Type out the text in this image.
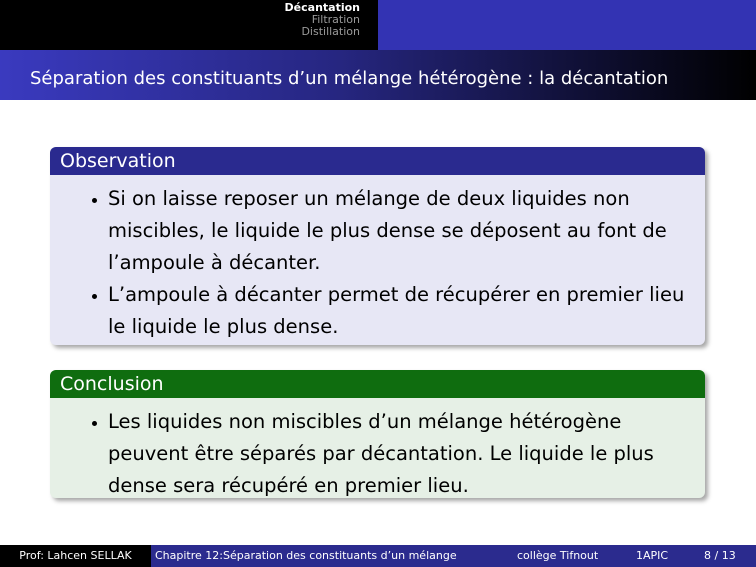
Décantation
Filtration
Distillation
Séparation des constituants d’un mélange hétérogène : la décantation
Observation
• Si on laisse reposer un mélange de deux liquides non miscibles, le liquide le plus dense se déposent au font de l’ampoule à décanter.
• L’ampoule à décanter permet de récupérer en premier lieu le liquide le plus dense.
Conclusion
• Les liquides non miscibles d’un mélange hétérogène peuvent être séparés par décantation. Le liquide le plus dense sera récupéré en premier lieu.
Prof: Lahcen SELLAK	Chapitre 12:Séparation des constituants d’un mélange	collège Tifnout	1APIC	8 / 13
